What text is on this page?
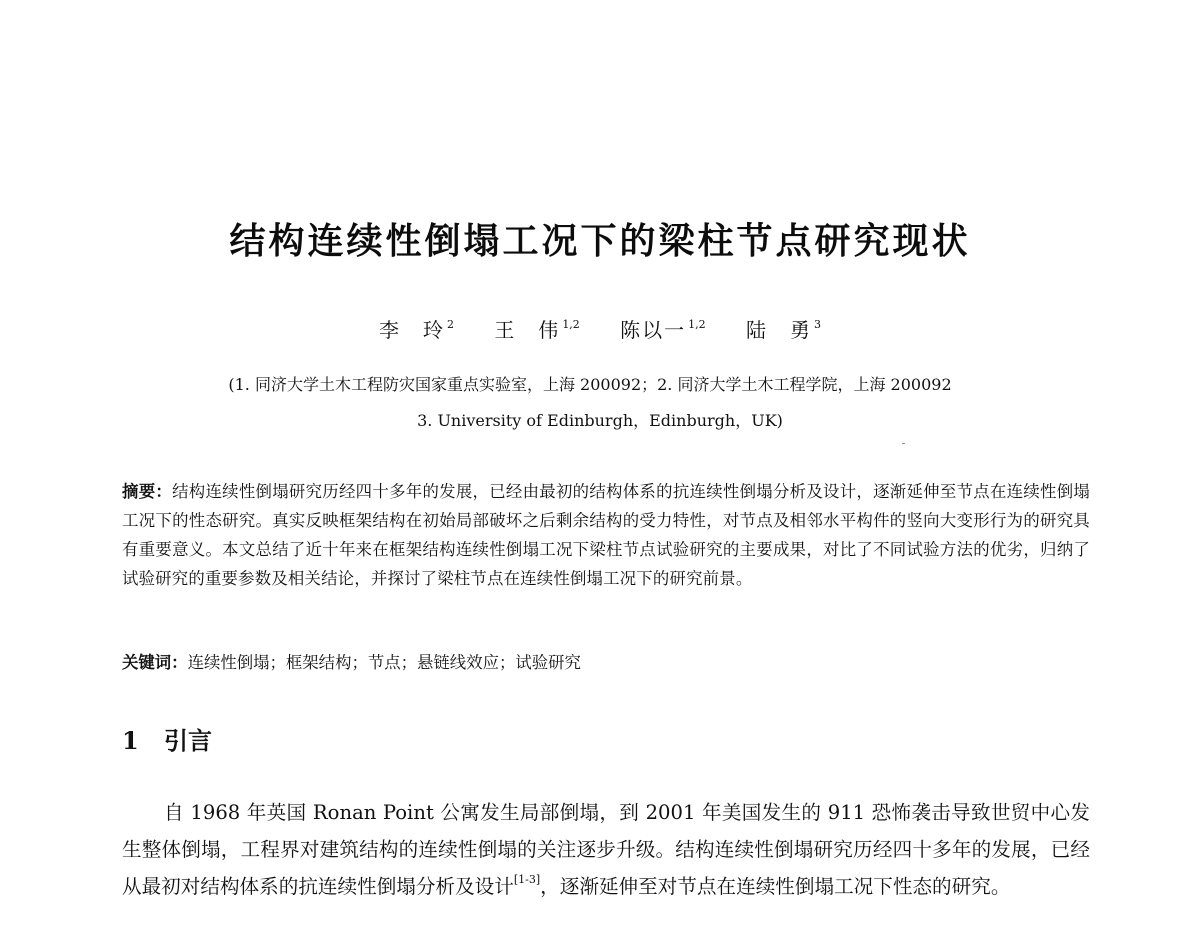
结构连续性倒塌工况下的梁柱节点研究现状
李　玲 $^2$ 王　伟 $^{1,2}$ 陈以一 $^{1,2}$ 陆　勇 $^3$
(1. 同济大学土木工程防灾国家重点实验室，上海 200092；2. 同济大学土木工程学院，上海 200092
3. University of Edinburgh，Edinburgh，UK)
摘要：结构连续性倒塌研究历经四十多年的发展，已经由最初的结构体系的抗连续性倒塌分析及设计，逐渐延伸至节点在连续性倒塌工况下的性态研究。真实反映框架结构在初始局部破坏之后剩余结构的受力特性，对节点及相邻水平构件的竖向大变形行为的研究具有重要意义。本文总结了近十年来在框架结构连续性倒塌工况下梁柱节点试验研究的主要成果，对比了不同试验方法的优劣，归纳了试验研究的重要参数及相关结论，并探讨了梁柱节点在连续性倒塌工况下的研究前景。
关键词：连续性倒塌；框架结构；节点；悬链线效应；试验研究
1 引言
自 1968 年英国 Ronan Point 公寓发生局部倒塌，到 2001 年美国发生的 911 恐怖袭击导致世贸中心发生整体倒塌，工程界对建筑结构的连续性倒塌的关注逐步升级。结构连续性倒塌研究历经四十多年的发展，已经从最初对结构体系的抗连续性倒塌分析及设计[1-3]，逐渐延伸至对节点在连续性倒塌工况下性态的研究。
